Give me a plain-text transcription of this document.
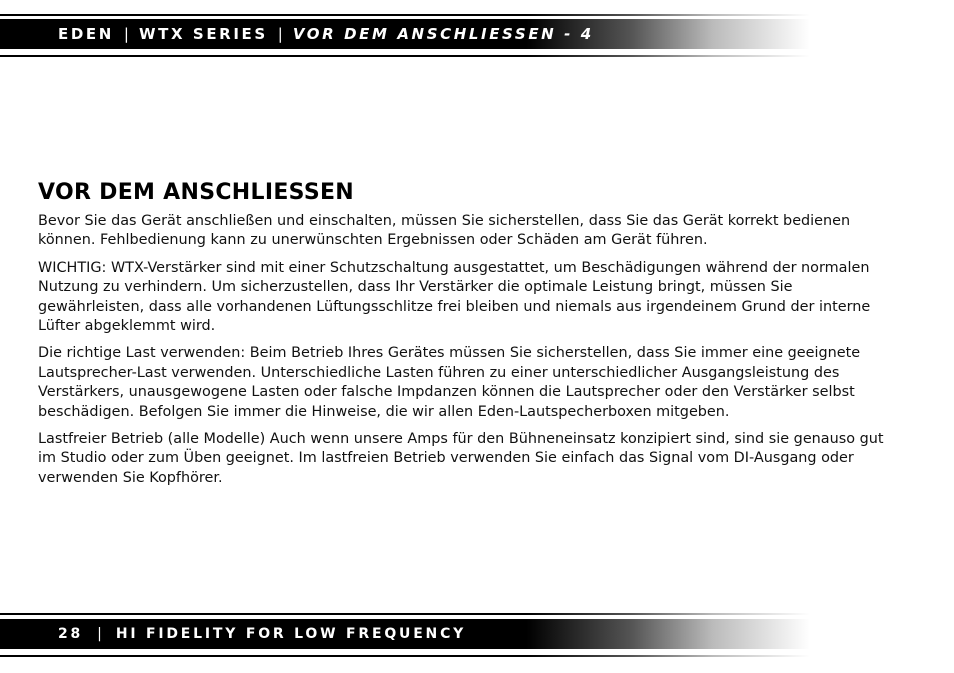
EDEN | WTX SERIES | VOR DEM ANSCHLIESSEN - 4
VOR DEM ANSCHLIESSEN

Bevor Sie das Gerät anschließen und einschalten, müssen Sie sicherstellen, dass Sie das Gerät korrekt bedienen können. Fehlbedienung kann zu unerwünschten Ergebnissen oder Schäden am Gerät führen.

WICHTIG: WTX-Verstärker sind mit einer Schutzschaltung ausgestattet, um Beschädigungen während der normalen Nutzung zu verhindern. Um sicherzustellen, dass Ihr Verstärker die optimale Leistung bringt, müssen Sie gewährleisten, dass alle vorhandenen Lüftungsschlitze frei bleiben und niemals aus irgendeinem Grund der interne Lüfter abgeklemmt wird.

Die richtige Last verwenden: Beim Betrieb Ihres Gerätes müssen Sie sicherstellen, dass Sie immer eine geeignete Lautsprecher-Last verwenden. Unterschiedliche Lasten führen zu einer unterschiedlicher Ausgangsleistung des Verstärkers, unausgewogene Lasten oder falsche Impdanzen können die Lautsprecher oder den Verstärker selbst beschädigen. Befolgen Sie immer die Hinweise, die wir allen Eden-Lautspecherboxen mitgeben.

Lastfreier Betrieb (alle Modelle) Auch wenn unsere Amps für den Bühneneinsatz konzipiert sind, sind sie genauso gut im Studio oder zum Üben geeignet. Im lastfreien Betrieb verwenden Sie einfach das Signal vom DI-Ausgang oder verwenden Sie Kopfhörer.

28 | HI FIDELITY FOR LOW FREQUENCY
